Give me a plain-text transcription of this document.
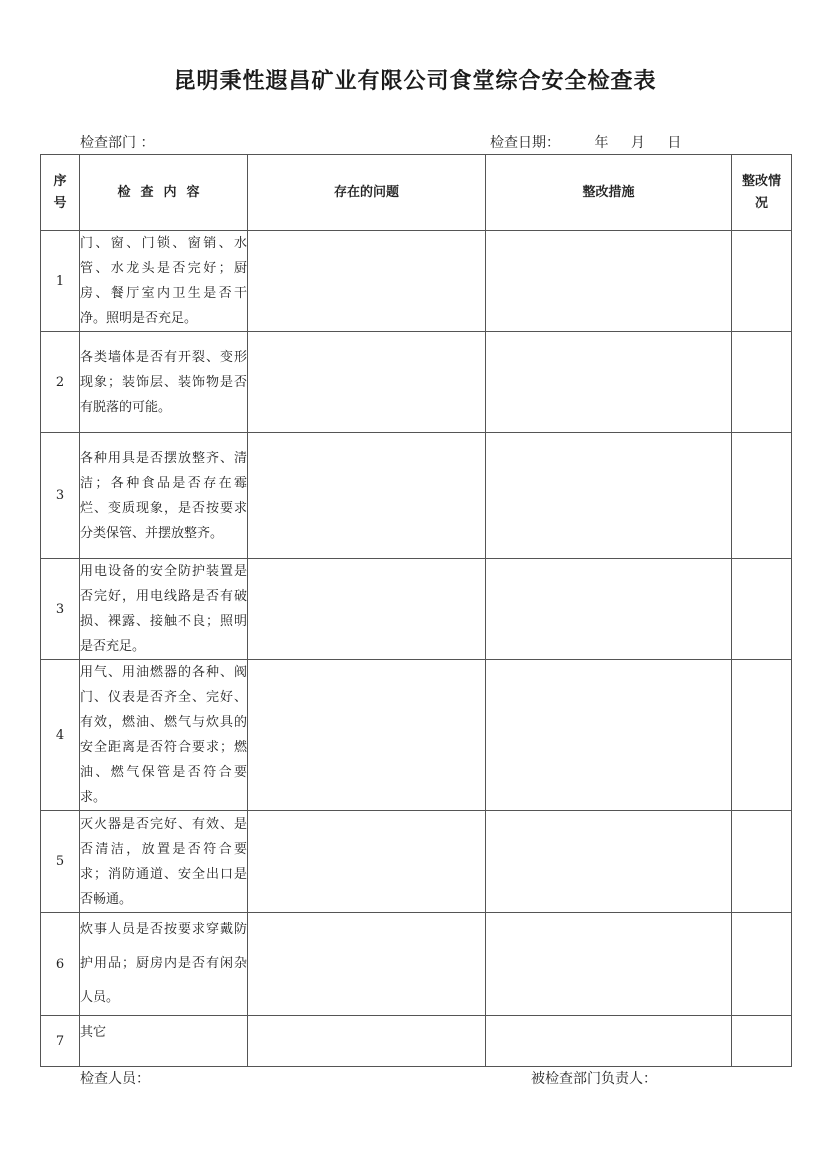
昆明秉性遐昌矿业有限公司食堂综合安全检查表
检查部门 ：	检查日期： 年 月 日
序号	检查内容	存在的问题	整改措施	整改情况

1	门、窗、门锁、窗销、水管、水龙头是否完好；厨房、餐厅室内卫生是否干净。照明是否充足。			
2	各类墙体是否有开裂、变形现象；装饰层、装饰物是否有脱落的可能。			
3	各种用具是否摆放整齐、清洁；各种食品是否存在霉烂、变质现象，是否按要求分类保管、并摆放整齐。			
3	用电设备的安全防护装置是否完好，用电线路是否有破损、裸露、接触不良；照明是否充足。			
4	用气、用油燃器的各种、阀门、仪表是否齐全、完好、有效，燃油、燃气与炊具的安全距离是否符合要求；燃油、燃气保管是否符合要求。			
5	灭火器是否完好、有效、是否清洁，放置是否符合要求；消防通道、安全出口是否畅通。			
6	炊事人员是否按要求穿戴防护用品；厨房内是否有闲杂人员。			
7	其它			
检查人员：	被检查部门负责人：
